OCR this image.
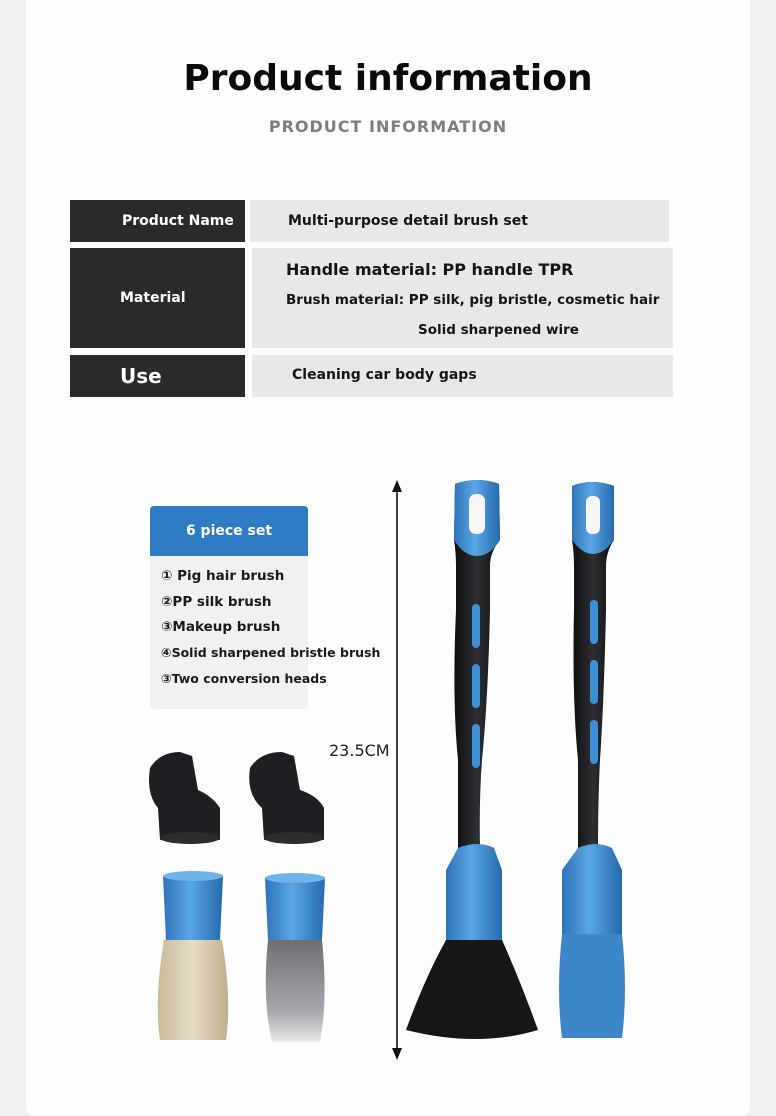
Product information
PRODUCT INFORMATION
Product Name	Multi-purpose detail brush set
Material
Handle material: PP handle TPR
Brush material: PP silk, pig bristle, cosmetic hair
Solid sharpened wire
Use	Cleaning car body gaps
6 piece set
① Pig hair brush
②PP silk brush
③Makeup brush
④Solid sharpened bristle brush
③Two conversion heads
23.5CM
